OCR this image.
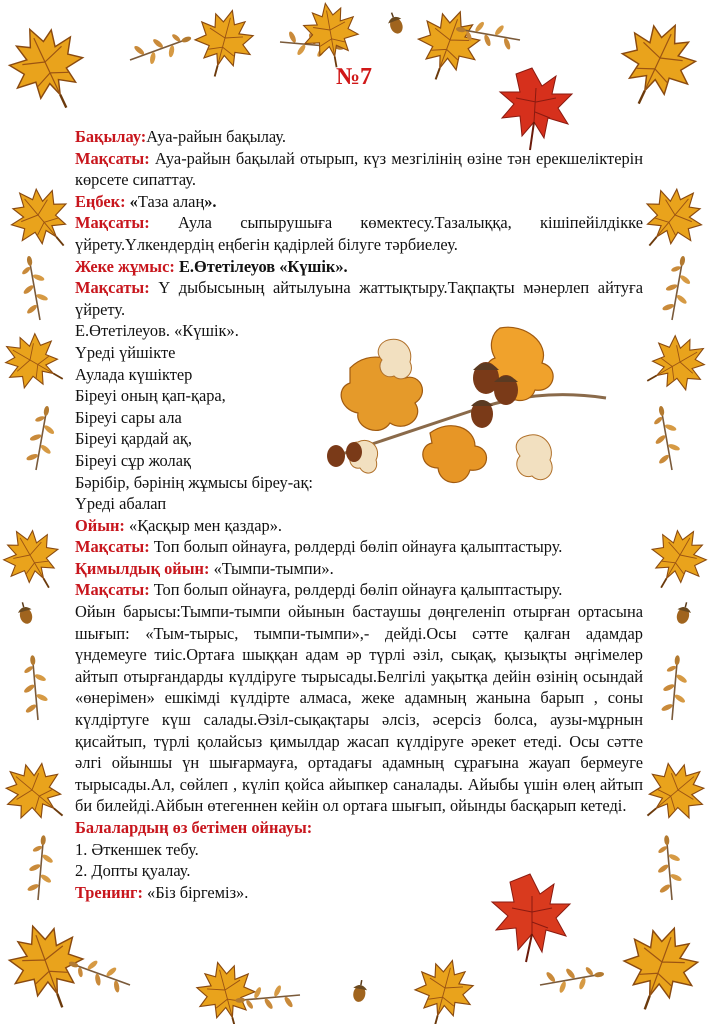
№7

Бақылау:Ауа-райын бақылау.

Мақсаты: Ауа-райын бақылай отырып, күз мезгілінің өзіне тән ерекшеліктерін көрсете сипаттау.

Еңбек: «Таза алаң».

Мақсаты: Аула сыпырушыға көмектесу.Тазалыққа, кішіпейілдікке үйрету.Үлкендердің еңбегін қадірлей білуге тәрбиелеу.

Жеке жұмыс: Е.Өтетілеуов «Күшік».

Мақсаты: Ү дыбысының айтылуына жаттықтыру.Тақпақты мәнерлеп айтуға үйрету.

Е.Өтетілеуов. «Күшік».

Үреді үйшікте

Аулада күшіктер

Біреуі оның қап-қара,

Біреуі сары ала

Біреуі қардай ақ,

Біреуі сұр жолақ

Бәрібір, бәрінің жұмысы біреу-ақ:

Үреді абалап

Ойын: «Қасқыр мен қаздар».

Мақсаты: Топ болып ойнауға, рөлдерді бөліп ойнауға қалыптастыру.

Қимылдық ойын: «Тымпи-тымпи».

Мақсаты: Топ болып ойнауға, рөлдерді бөліп ойнауға қалыптастыру.

Ойын барысы:Тымпи-тымпи ойынын бастаушы дөңгеленіп отырған ортасына шығып: «Тым-тырыс, тымпи-тымпи»,- дейді.Осы сәтте қалған адамдар үндемеуге тиіс.Ортаға шыққан адам әр түрлі әзіл, сықақ, қызықты әңгімелер айтып отырғандарды күлдіруге тырысады.Белгілі уақытқа дейін өзінің осындай «өнерімен» ешкімді күлдірте алмаса, жеке адамның жанына барып , соны күлдіртуге күш салады.Әзіл-сықақтары әлсіз, әсерсіз болса, аузы-мұрнын қисайтып, түрлі қолайсыз қимылдар жасап күлдіруге әрекет етеді. Осы сәтте әлгі ойыншы үн шығармауға, ортадағы адамның сұрағына жауап бермеуге тырысады.Ал, сөйлеп , күліп қойса айыпкер саналады. Айыбы үшін өлең айтып би билейді.Айбын өтегеннен кейін ол ортаға шығып, ойынды басқарып кетеді.

Балалардың өз бетімен ойнауы:

1. Әткеншек тебу.

2. Допты қуалау.

Тренинг: «Біз біргеміз».
